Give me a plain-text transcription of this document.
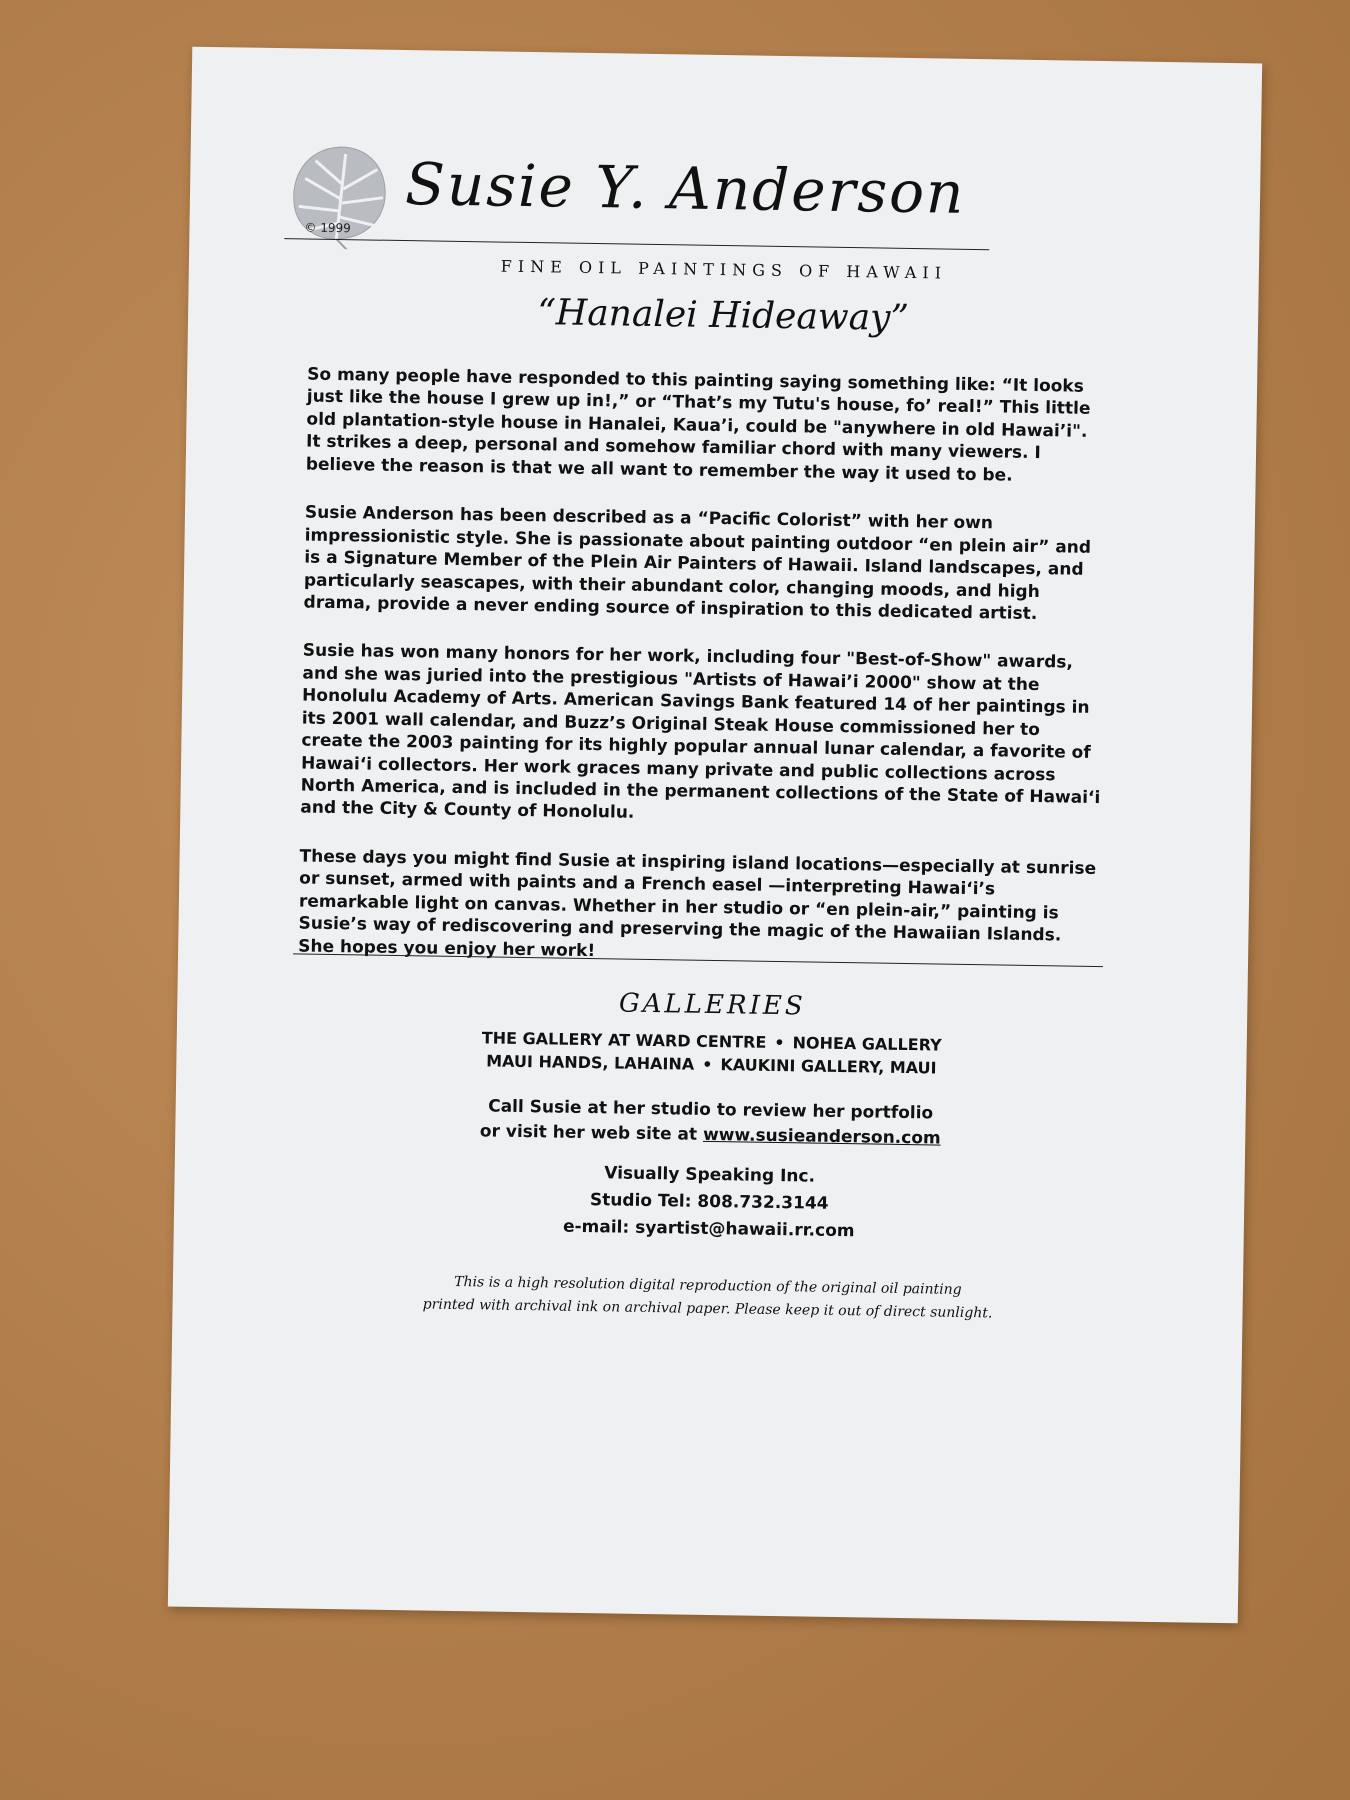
© 1999
Susie Y. Anderson
FINE OIL PAINTINGS OF HAWAII
“Hanalei Hideaway”

So many people have responded to this painting saying something like: “It looks just like the house I grew up in!,” or “That’s my Tutu's house, fo’ real!” This little old plantation-style house in Hanalei, Kaua’i, could be "anywhere in old Hawai’i". It strikes a deep, personal and somehow familiar chord with many viewers. I believe the reason is that we all want to remember the way it used to be.

Susie Anderson has been described as a “Pacific Colorist” with her own impressionistic style. She is passionate about painting outdoor “en plein air” and is a Signature Member of the Plein Air Painters of Hawaii. Island landscapes, and particularly seascapes, with their abundant color, changing moods, and high drama, provide a never ending source of inspiration to this dedicated artist.

Susie has won many honors for her work, including four "Best-of-Show" awards, and she was juried into the prestigious "Artists of Hawai’i 2000" show at the Honolulu Academy of Arts. American Savings Bank featured 14 of her paintings in its 2001 wall calendar, and Buzz’s Original Steak House commissioned her to create the 2003 painting for its highly popular annual lunar calendar, a favorite of Hawai‘i collectors. Her work graces many private and public collections across North America, and is included in the permanent collections of the State of Hawai‘i and the City & County of Honolulu.

These days you might find Susie at inspiring island locations—especially at sunrise or sunset, armed with paints and a French easel —interpreting Hawai‘i’s remarkable light on canvas. Whether in her studio or “en plein-air,” painting is Susie’s way of rediscovering and preserving the magic of the Hawaiian Islands. She hopes you enjoy her work!

GALLERIES
THE GALLERY AT WARD CENTRE • NOHEA GALLERY
MAUI HANDS, LAHAINA • KAUKINI GALLERY, MAUI
Call Susie at her studio to review her portfolio
or visit her web site at www.susieanderson.com
Visually Speaking Inc.
Studio Tel: 808.732.3144
e-mail: syartist@hawaii.rr.com
This is a high resolution digital reproduction of the original oil painting
printed with archival ink on archival paper. Please keep it out of direct sunlight.
